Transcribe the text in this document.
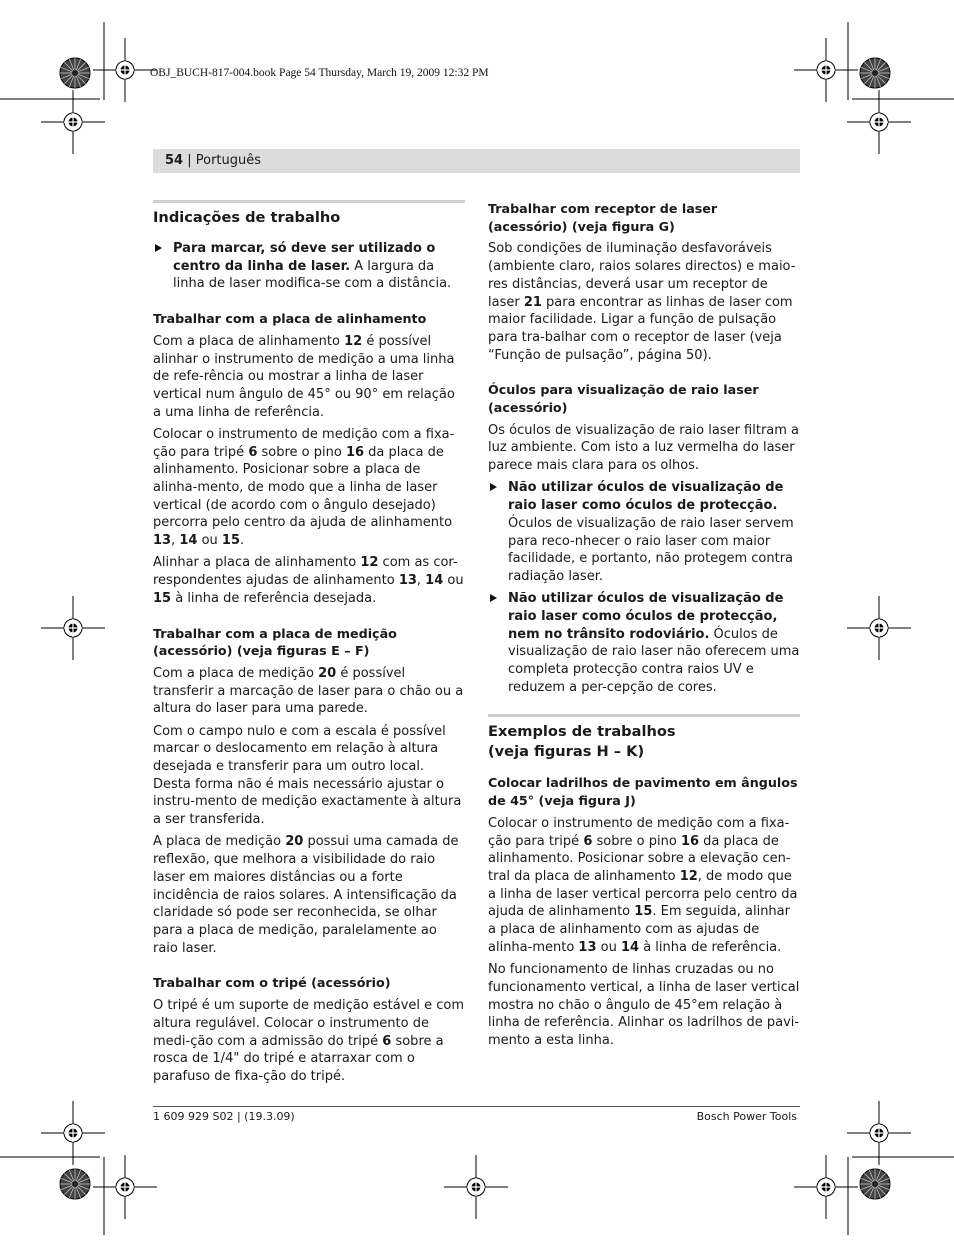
OBJ_BUCH-817-004.book Page 54 Thursday, March 19, 2009 12:32 PM
54 | Português
Indicações de trabalho
Para marcar, só deve ser utilizado o centro da linha de laser. A largura da linha de laser modifica-se com a distância.
Trabalhar com a placa de alinhamento

Com a placa de alinhamento 12 é possível alinhar o instrumento de medição a uma linha de refe-rência ou mostrar a linha de laser vertical num ângulo de 45° ou 90° em relação a uma linha de referência.

Colocar o instrumento de medição com a fixa-ção para tripé 6 sobre o pino 16 da placa de alinhamento. Posicionar sobre a placa de alinha-mento, de modo que a linha de laser vertical (de acordo com o ângulo desejado) percorra pelo centro da ajuda de alinhamento 13, 14 ou 15.

Alinhar a placa de alinhamento 12 com as cor-respondentes ajudas de alinhamento 13, 14 ou 15 à linha de referência desejada.

Trabalhar com a placa de medição (acessório) (veja figuras E – F)

Com a placa de medição 20 é possível transferir a marcação de laser para o chão ou a altura do laser para uma parede.

Com o campo nulo e com a escala é possível marcar o deslocamento em relação à altura desejada e transferir para um outro local. Desta forma não é mais necessário ajustar o instru-mento de medição exactamente à altura a ser transferida.

A placa de medição 20 possui uma camada de reflexão, que melhora a visibilidade do raio laser em maiores distâncias ou a forte incidência de raios solares. A intensificação da claridade só pode ser reconhecida, se olhar para a placa de medição, paralelamente ao raio laser.

Trabalhar com o tripé (acessório)

O tripé é um suporte de medição estável e com altura regulável. Colocar o instrumento de medi-ção com a admissão do tripé 6 sobre a rosca de 1/4" do tripé e atarraxar com o parafuso de fixa-ção do tripé.

Trabalhar com receptor de laser (acessório) (veja figura G)

Sob condições de iluminação desfavoráveis (ambiente claro, raios solares directos) e maio-res distâncias, deverá usar um receptor de laser 21 para encontrar as linhas de laser com maior facilidade. Ligar a função de pulsação para tra-balhar com o receptor de laser (veja “Função de pulsação”, página 50).

Óculos para visualização de raio laser (acessório)

Os óculos de visualização de raio laser filtram a luz ambiente. Com isto a luz vermelha do laser parece mais clara para os olhos.

Não utilizar óculos de visualização de raio laser como óculos de protecção. Óculos de visualização de raio laser servem para reco-nhecer o raio laser com maior facilidade, e portanto, não protegem contra radiação laser.
Não utilizar óculos de visualização de raio laser como óculos de protecção, nem no trânsito rodoviário. Óculos de visualização de raio laser não oferecem uma completa protecção contra raios UV e reduzem a per-cepção de cores.
Exemplos de trabalhos
(veja figuras H – K)
Colocar ladrilhos de pavimento em ângulos de 45° (veja figura J)

Colocar o instrumento de medição com a fixa-ção para tripé 6 sobre o pino 16 da placa de alinhamento. Posicionar sobre a elevação cen-tral da placa de alinhamento 12, de modo que a linha de laser vertical percorra pelo centro da ajuda de alinhamento 15. Em seguida, alinhar a placa de alinhamento com as ajudas de alinha-mento 13 ou 14 à linha de referência.

No funcionamento de linhas cruzadas ou no funcionamento vertical, a linha de laser vertical mostra no chão o ângulo de 45°em relação à linha de referência. Alinhar os ladrilhos de pavi-mento a esta linha.

1 609 929 S02 | (19.3.09)	Bosch Power Tools
